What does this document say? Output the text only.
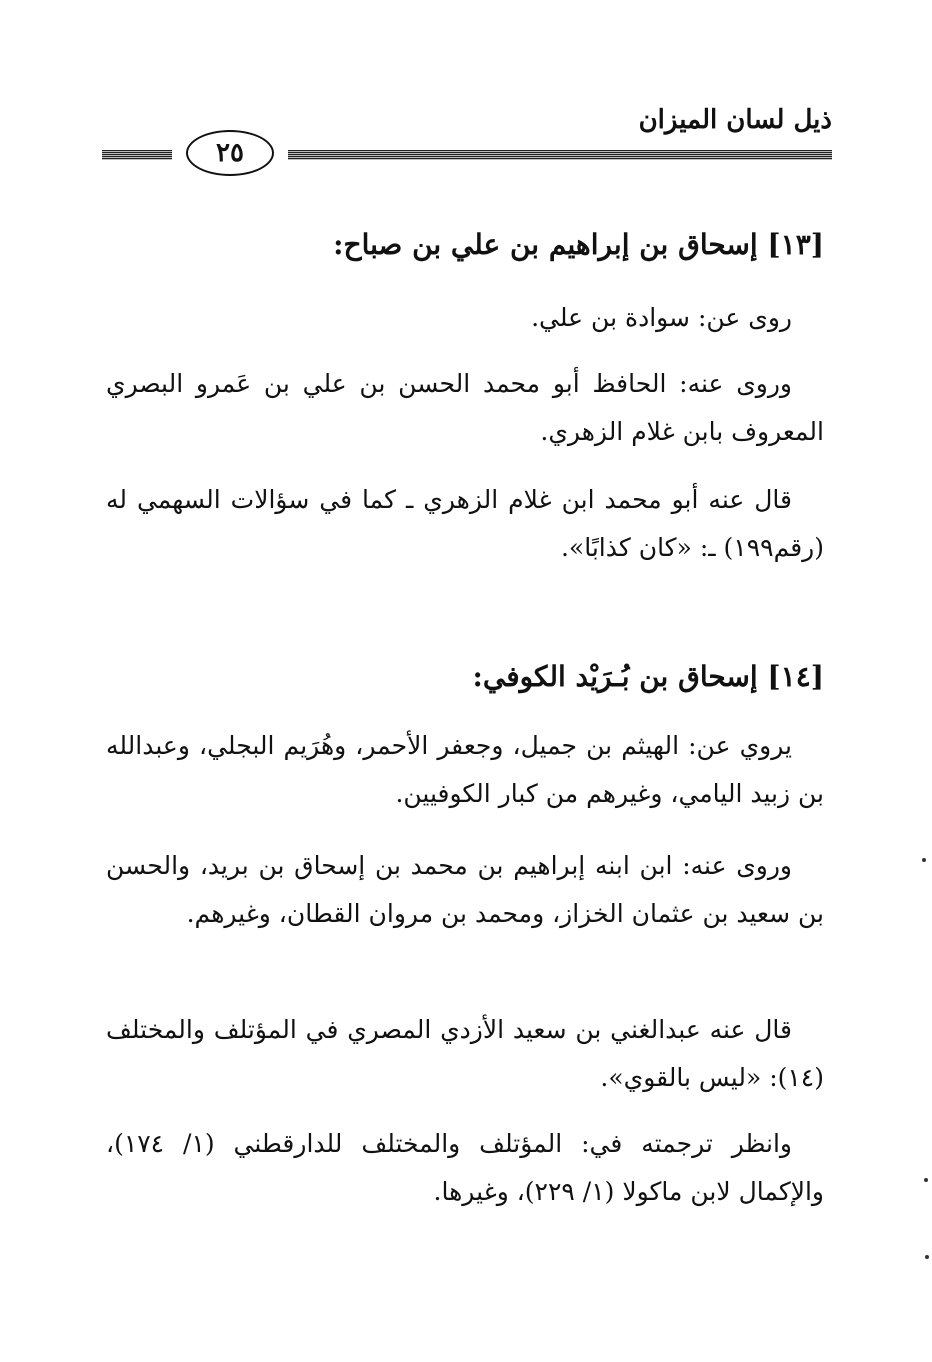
ذيل لسان الميزان
٢٥
[١٣] إسحاق بن إبراهيم بن علي بن صباح:
روى عن: سوادة بن علي.
وروى عنه: الحافظ أبو محمد الحسن بن علي بن عَمرو البصري المعروف بابن غلام الزهري.
قال عنه أبو محمد ابن غلام الزهري ـ كما في سؤالات السهمي له (رقم١٩٩) ـ: «كان كذابًا».
[١٤] إسحاق بن بُـرَيْد الكوفي:
يروي عن: الهيثم بن جميل، وجعفر الأحمر، وهُرَيم البجلي، وعبدالله بن زبيد اليامي، وغيرهم من كبار الكوفيين.
وروى عنه: ابن ابنه إبراهيم بن محمد بن إسحاق بن بريد، والحسن بن سعيد بن عثمان الخزاز، ومحمد بن مروان القطان، وغيرهم.
قال عنه عبدالغني بن سعيد الأزدي المصري في المؤتلف والمختلف (١٤): «ليس بالقوي».
وانظر ترجمته في: المؤتلف والمختلف للدارقطني (١/ ١٧٤)، والإكمال لابن ماكولا (١/ ٢٢٩)، وغيرها.
